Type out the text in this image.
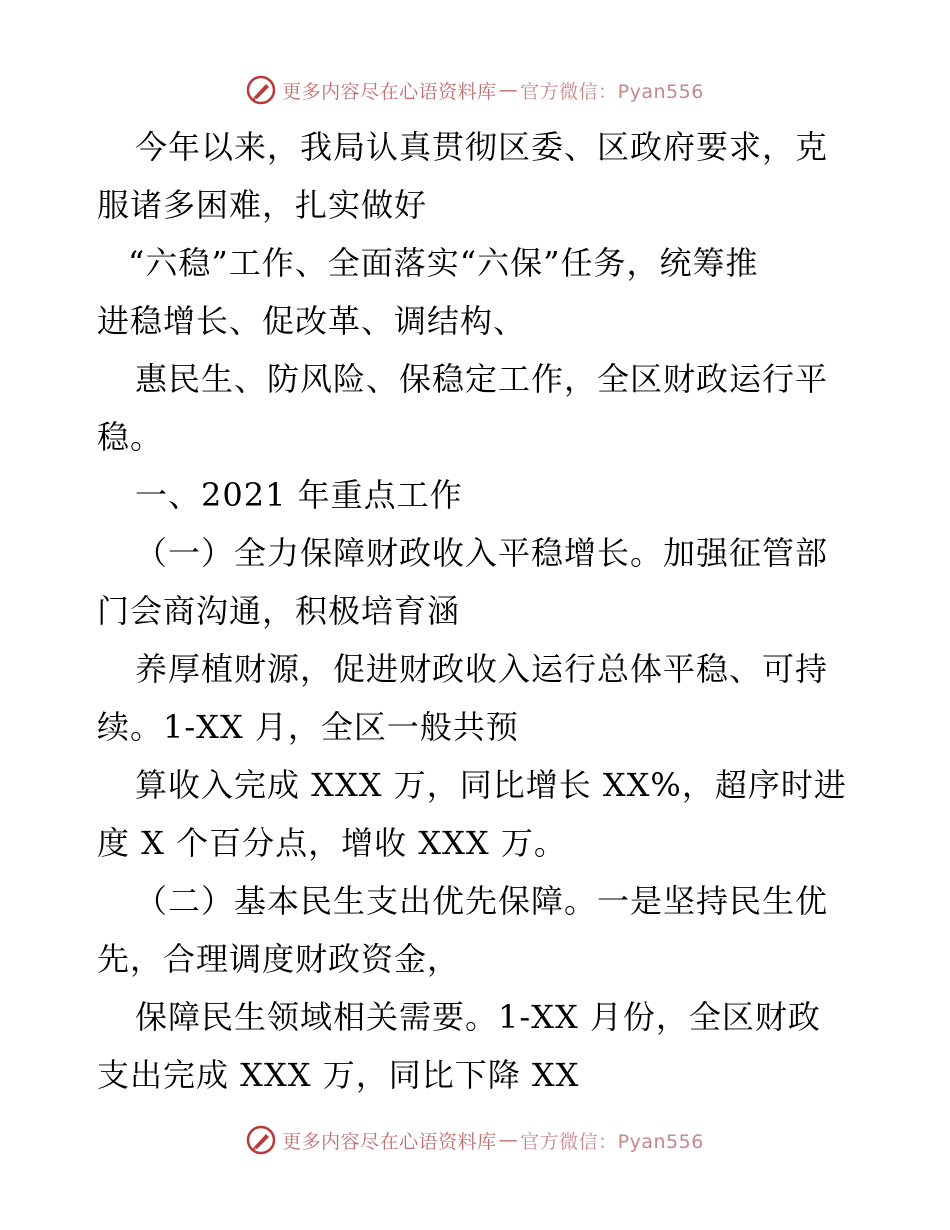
更多内容尽在心语资料库 — 官方微信：Pyan556
今年以来，我局认真贯彻区委、区政府要求，克
服诸多困难，扎实做好
“六稳”工作、全面落实“六保”任务，统筹推
进稳增长、促改革、调结构、
惠民生、防风险、保稳定工作，全区财政运行平
稳。
一、2021 年重点工作
（一）全力保障财政收入平稳增长。加强征管部
门会商沟通，积极培育涵
养厚植财源，促进财政收入运行总体平稳、可持
续。1-XX 月，全区一般共预
算收入完成 XXX 万，同比增长 XX%，超序时进
度 X 个百分点，增收 XXX 万。
（二）基本民生支出优先保障。一是坚持民生优
先，合理调度财政资金，
保障民生领域相关需要。1-XX 月份，全区财政
支出完成 XXX 万，同比下降 XX
更多内容尽在心语资料库 — 官方微信：Pyan556
